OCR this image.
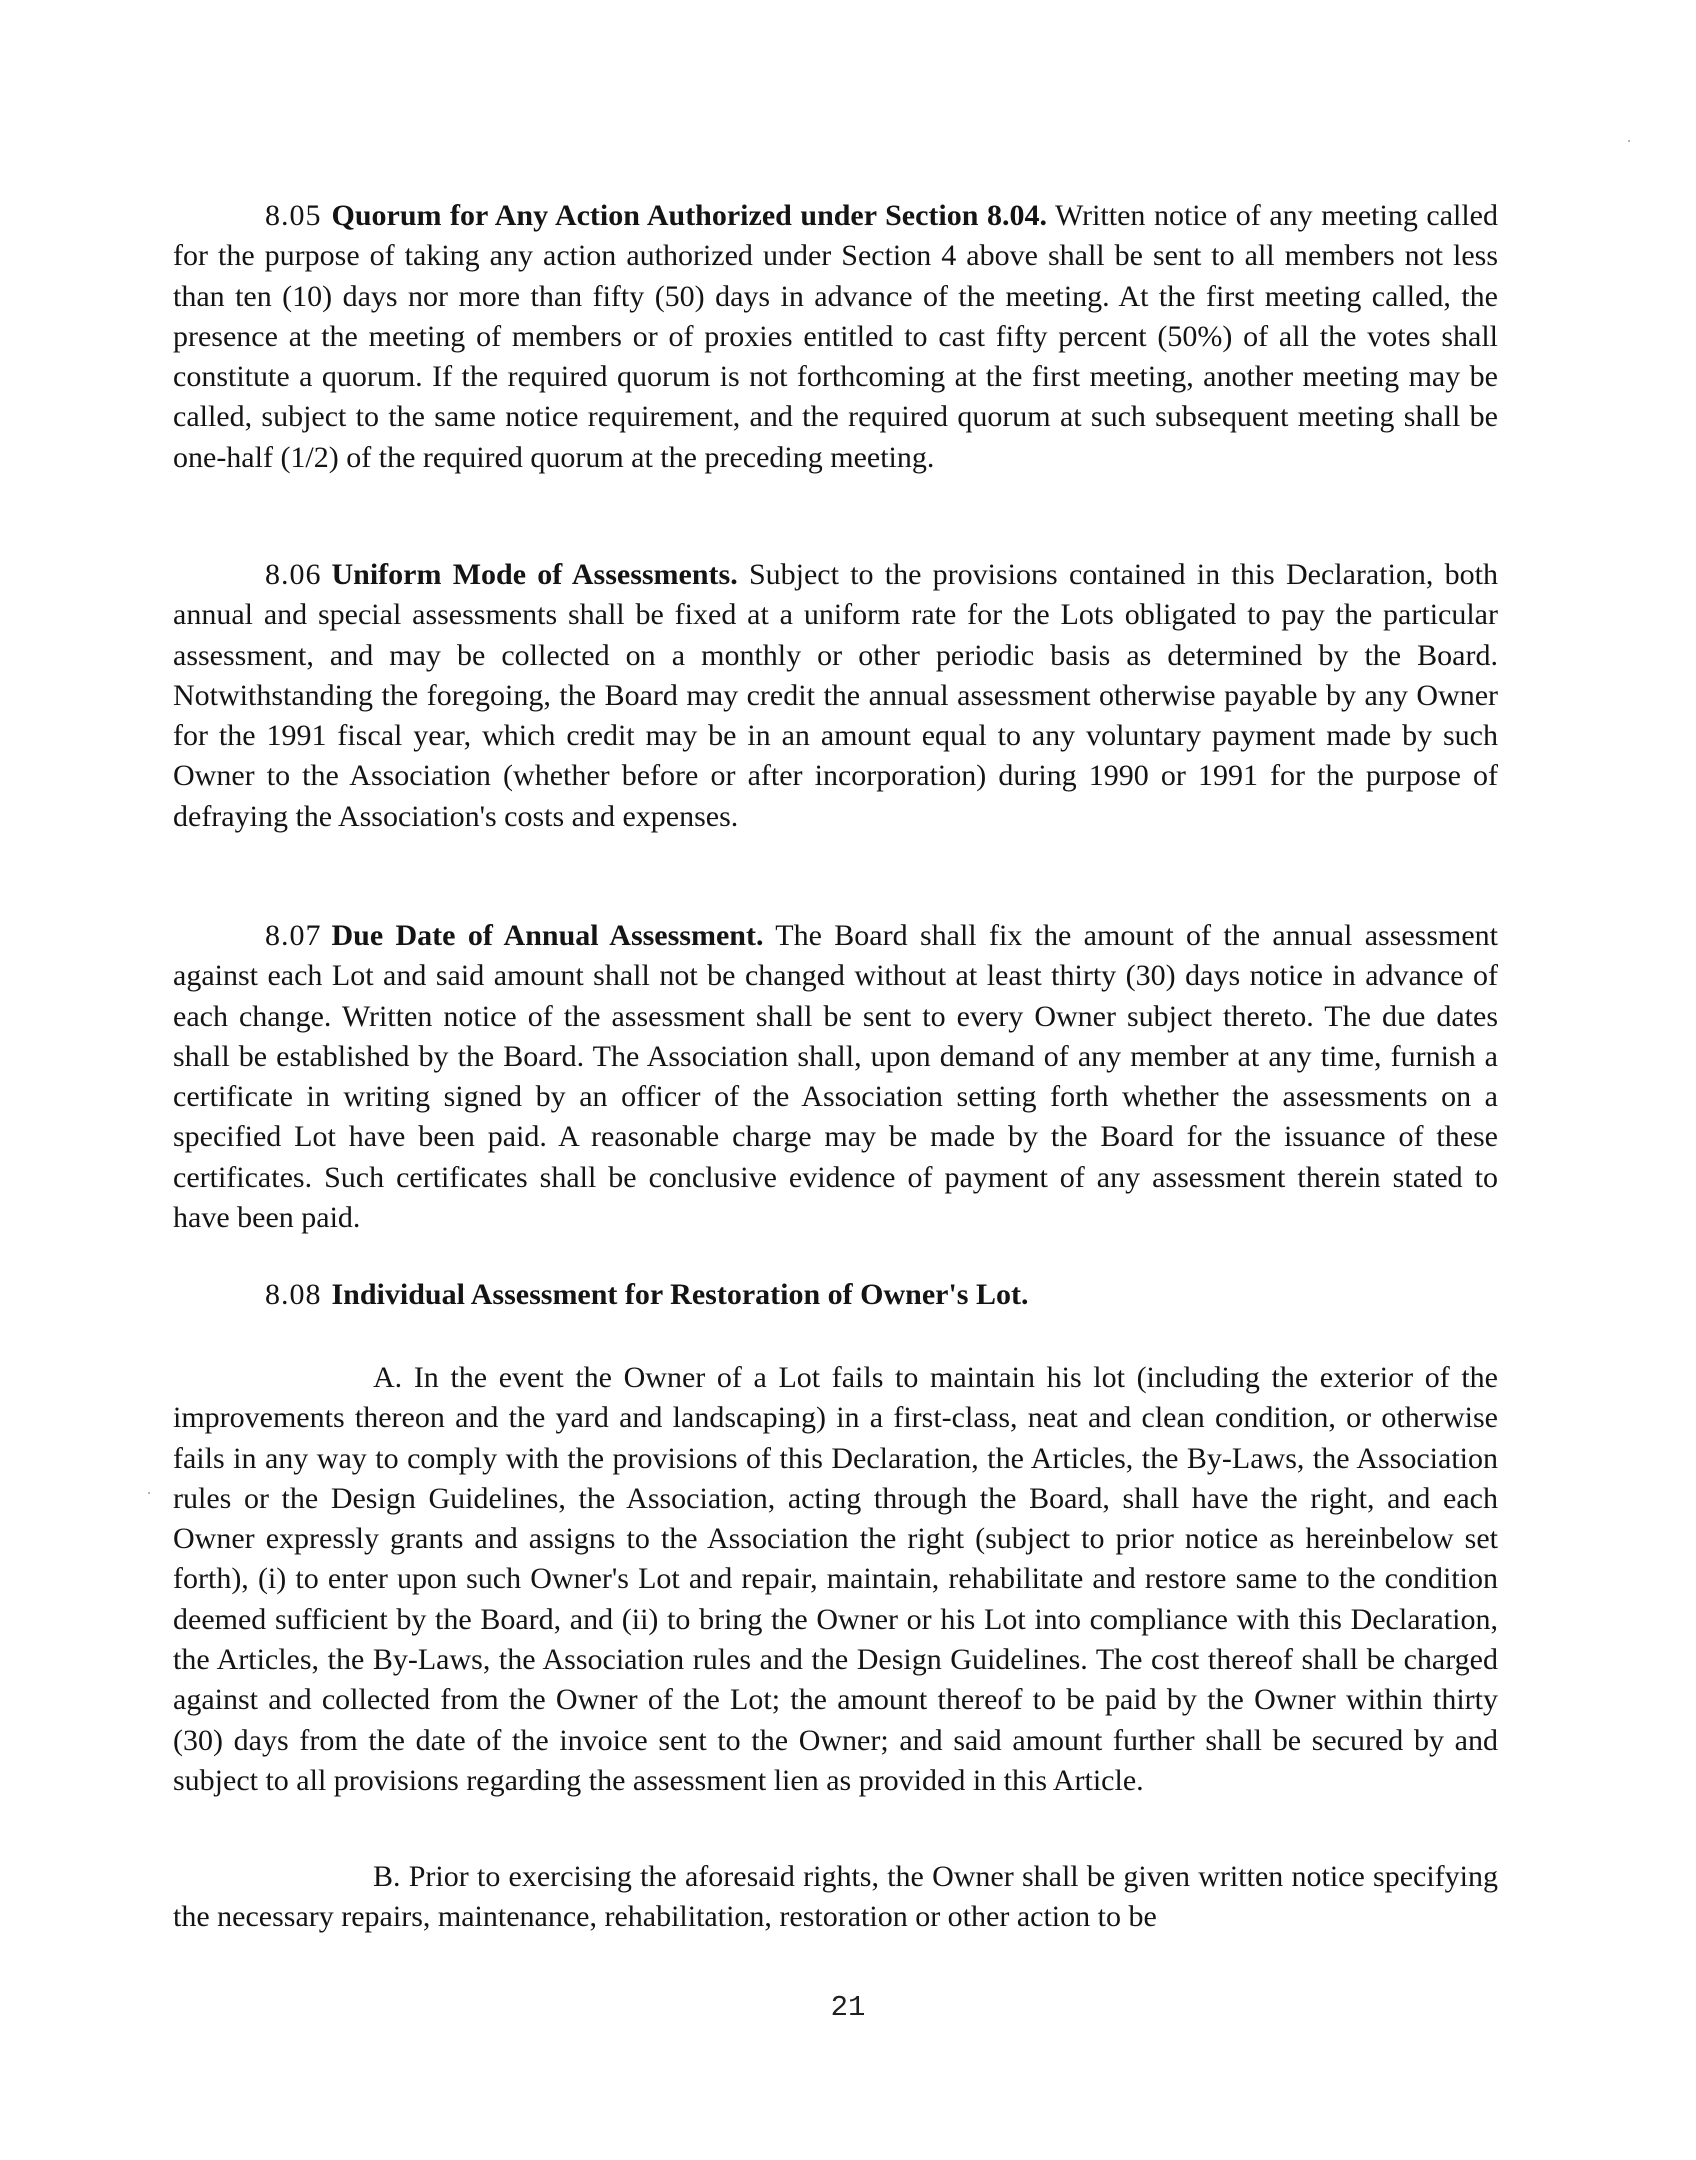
8.05 Quorum for Any Action Authorized under Section 8.04. Written notice of any meeting called for the purpose of taking any action authorized under Section 4 above shall be sent to all members not less than ten (10) days nor more than fifty (50) days in advance of the meeting. At the first meeting called, the presence at the meeting of members or of proxies entitled to cast fifty percent (50%) of all the votes shall constitute a quorum. If the required quorum is not forthcoming at the first meeting, another meeting may be called, subject to the same notice requirement, and the required quorum at such subsequent meeting shall be one-half (1/2) of the required quorum at the preceding meeting.

8.06 Uniform Mode of Assessments. Subject to the provisions contained in this Declaration, both annual and special assessments shall be fixed at a uniform rate for the Lots obligated to pay the particular assessment, and may be collected on a monthly or other periodic basis as determined by the Board. Notwithstanding the foregoing, the Board may credit the annual assessment otherwise payable by any Owner for the 1991 fiscal year, which credit may be in an amount equal to any voluntary payment made by such Owner to the Association (whether before or after incorporation) during 1990 or 1991 for the purpose of defraying the Association's costs and expenses.

8.07 Due Date of Annual Assessment. The Board shall fix the amount of the annual assessment against each Lot and said amount shall not be changed without at least thirty (30) days notice in advance of each change. Written notice of the assessment shall be sent to every Owner subject thereto. The due dates shall be established by the Board. The Association shall, upon demand of any member at any time, furnish a certificate in writing signed by an officer of the Association setting forth whether the assessments on a specified Lot have been paid. A reasonable charge may be made by the Board for the issuance of these certificates. Such certificates shall be conclusive evidence of payment of any assessment therein stated to have been paid.

8.08 Individual Assessment for Restoration of Owner's Lot.

A. In the event the Owner of a Lot fails to maintain his lot (including the exterior of the improvements thereon and the yard and landscaping) in a first-class, neat and clean condition, or otherwise fails in any way to comply with the provisions of this Declaration, the Articles, the By-Laws, the Association rules or the Design Guidelines, the Association, acting through the Board, shall have the right, and each Owner expressly grants and assigns to the Association the right (subject to prior notice as hereinbelow set forth), (i) to enter upon such Owner's Lot and repair, maintain, rehabilitate and restore same to the condition deemed sufficient by the Board, and (ii) to bring the Owner or his Lot into compliance with this Declaration, the Articles, the By-Laws, the Association rules and the Design Guidelines. The cost thereof shall be charged against and collected from the Owner of the Lot; the amount thereof to be paid by the Owner within thirty (30) days from the date of the invoice sent to the Owner; and said amount further shall be secured by and subject to all provisions regarding the assessment lien as provided in this Article.

B. Prior to exercising the aforesaid rights, the Owner shall be given written notice specifying the necessary repairs, maintenance, rehabilitation, restoration or other action to be

21
